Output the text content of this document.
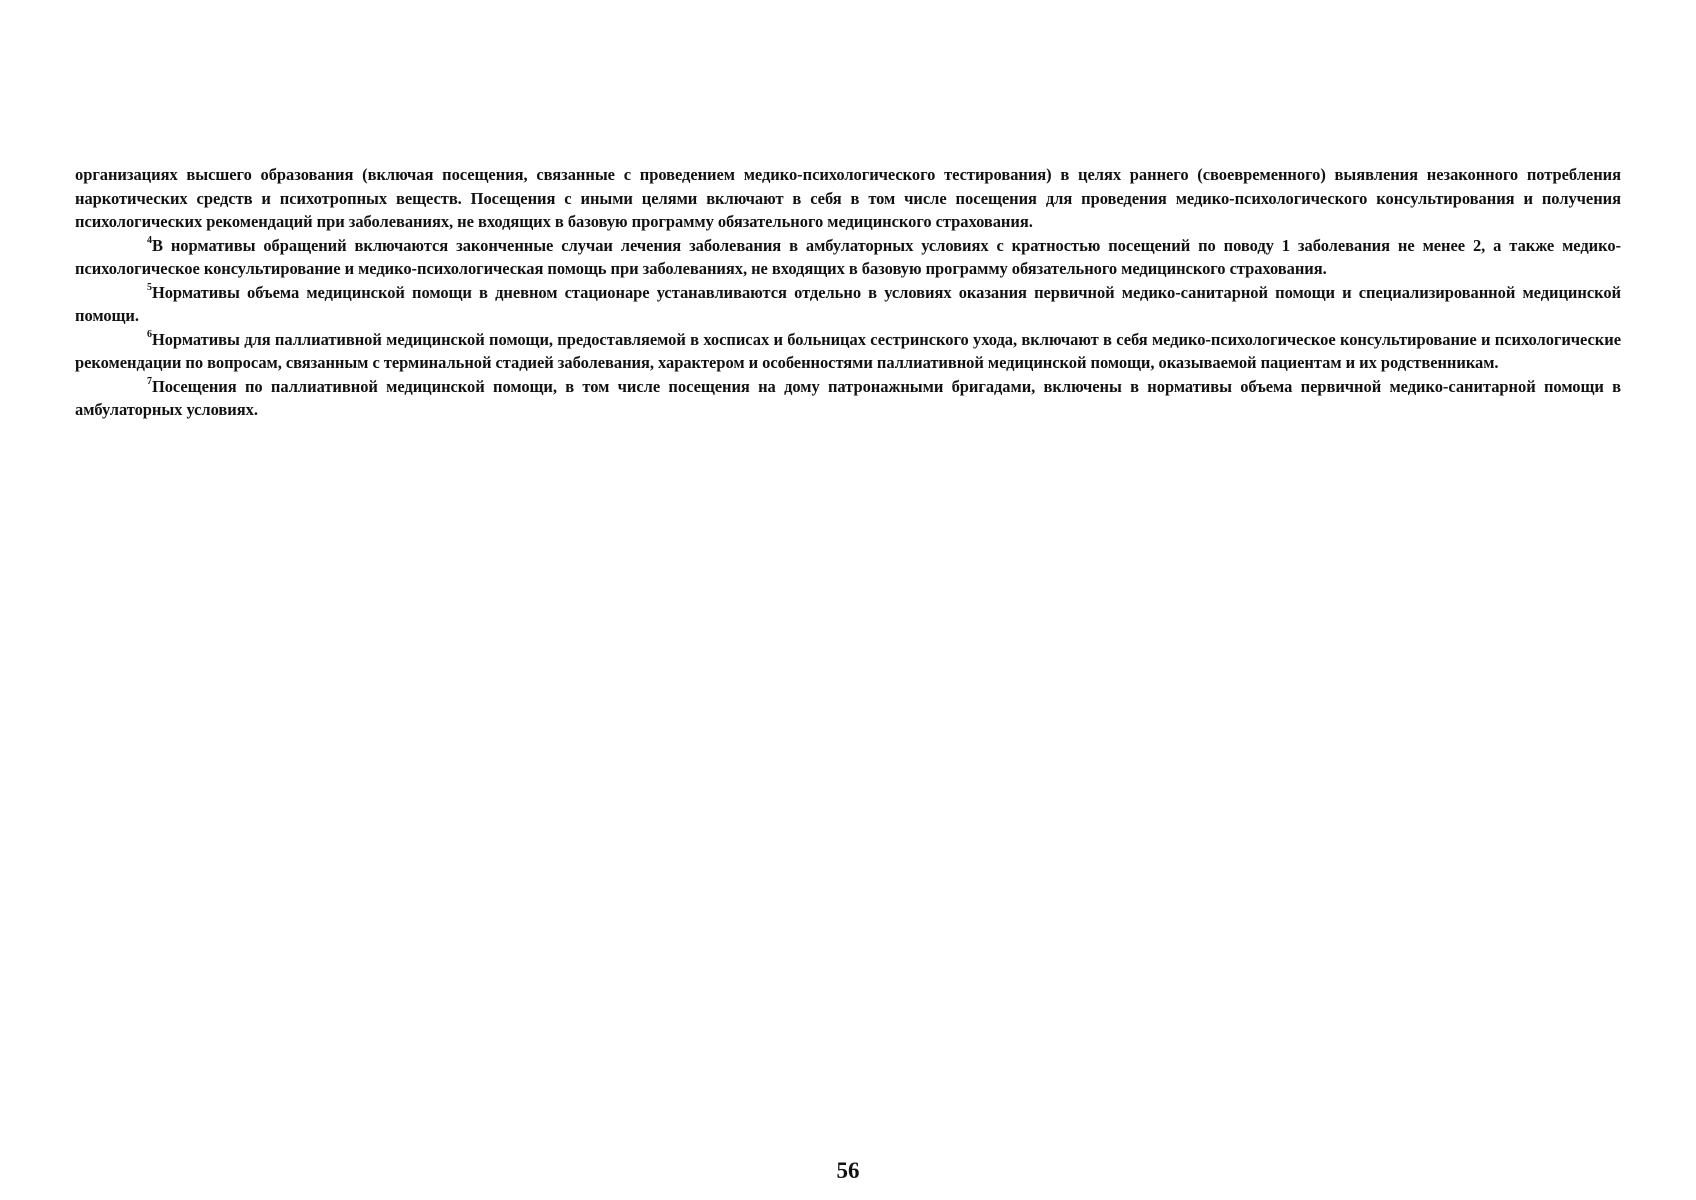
организациях высшего образования (включая посещения, связанные с проведением медико-психологического тестирования) в целях раннего (своевременного) выявления незаконного потребления наркотических средств и психотропных веществ. Посещения с иными целями включают в себя в том числе посещения для проведения медико-психологического консультирования и получения психологических рекомендаций при заболеваниях, не входящих в базовую программу обязательного медицинского страхования.

$^4$В нормативы обращений включаются законченные случаи лечения заболевания в амбулаторных условиях с кратностью посещений по поводу 1 заболевания не менее 2, а также медико-психологическое консультирование и медико-психологическая помощь при заболеваниях, не входящих в базовую программу обязательного медицинского страхования.

$^5$Нормативы объема медицинской помощи в дневном стационаре устанавливаются отдельно в условиях оказания первичной медико-санитарной помощи и специализированной медицинской помощи.

$^6$Нормативы для паллиативной медицинской помощи, предоставляемой в хосписах и больницах сестринского ухода, включают в себя медико-психологическое консультирование и психологические рекомендации по вопросам, связанным с терминальной стадией заболевания, характером и особенностями паллиативной медицинской помощи, оказываемой пациентам и их родственникам.

$^7$Посещения по паллиативной медицинской помощи, в том числе посещения на дому патронажными бригадами, включены в нормативы объема первичной медико-санитарной помощи в амбулаторных условиях.

56
